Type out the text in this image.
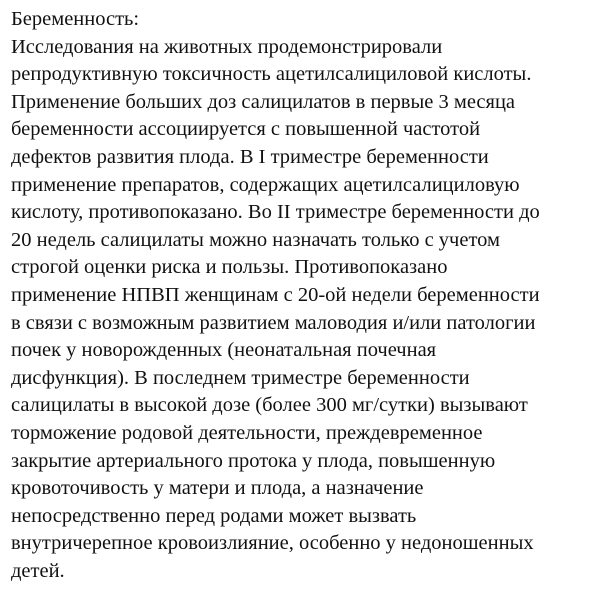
Беременность:
Исследования на животных продемонстрировали
репродуктивную токсичность ацетилсалициловой кислоты.
Применение больших доз салицилатов в первые 3 месяца
беременности ассоциируется с повышенной частотой
дефектов развития плода. В I триместре беременности
применение препаратов, содержащих ацетилсалициловую
кислоту, противопоказано. Во II триместре беременности до
20 недель салицилаты можно назначать только с учетом
строгой оценки риска и пользы. Противопоказано
применение НПВП женщинам с 20-ой недели беременности
в связи с возможным развитием маловодия и/или патологии
почек у новорожденных (неонатальная почечная
дисфункция). В последнем триместре беременности
салицилаты в высокой дозе (более 300 мг/сутки) вызывают
торможение родовой деятельности, преждевременное
закрытие артериального протока у плода, повышенную
кровоточивость у матери и плода, а назначение
непосредственно перед родами может вызвать
внутричерепное кровоизлияние, особенно у недоношенных
детей.
